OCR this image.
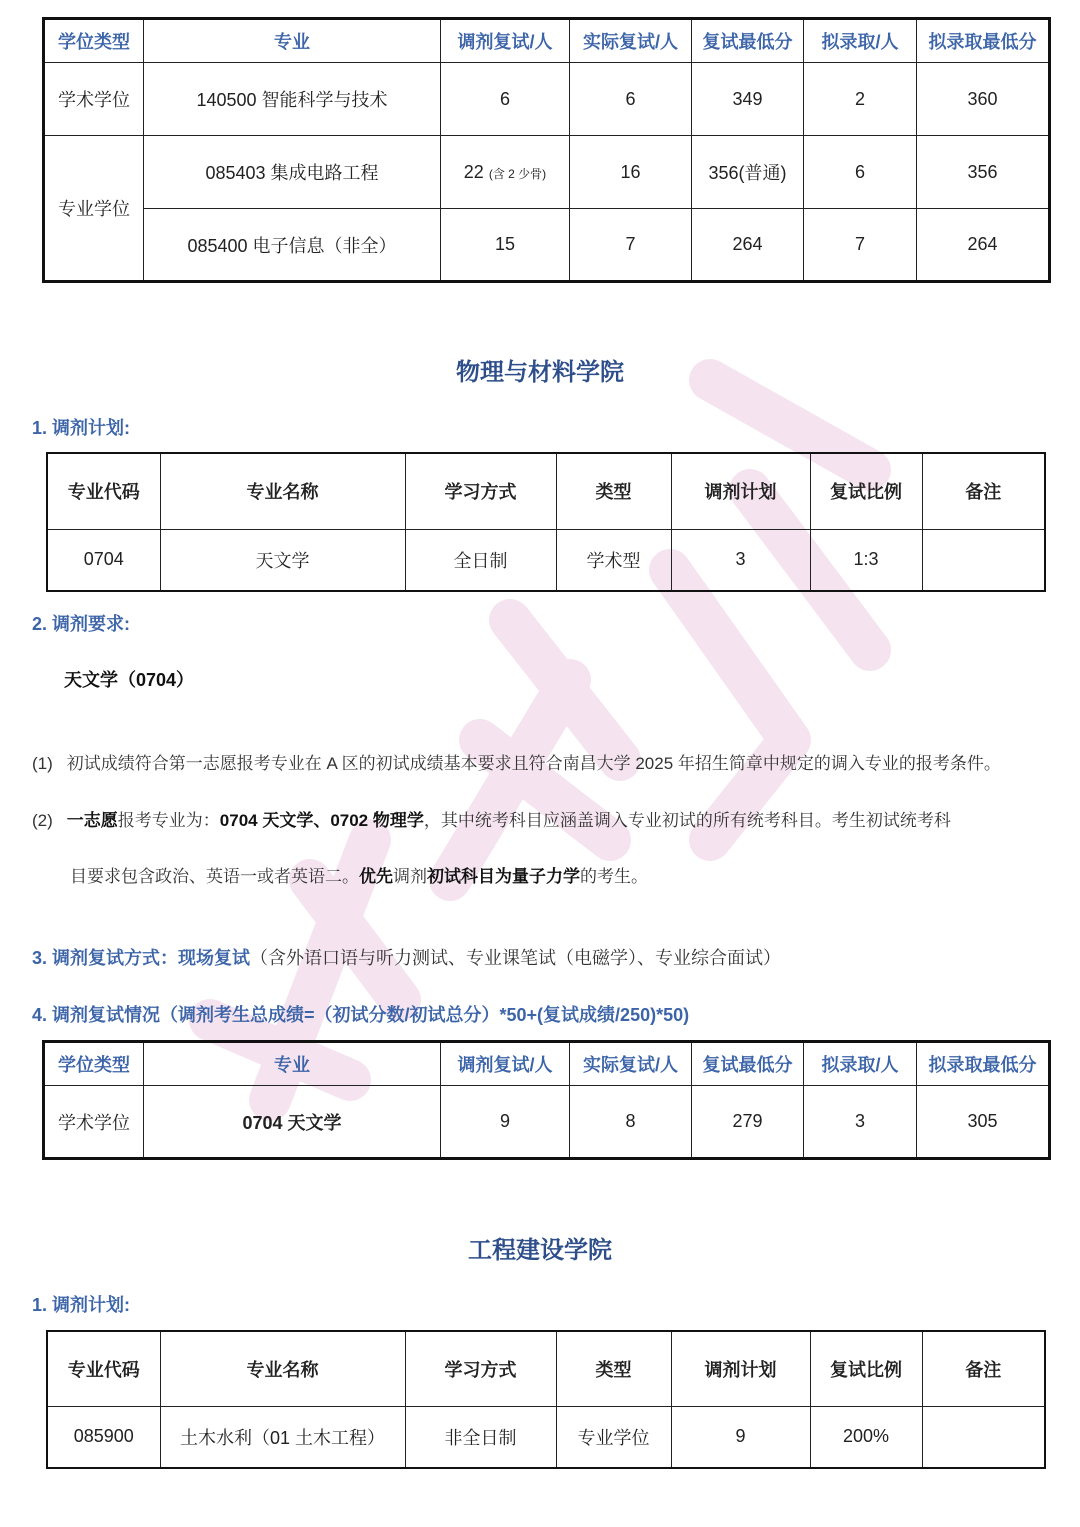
学位类型	专业	调剂复试/人	实际复试/人	复试最低分	拟录取/人	拟录取最低分
学术学位	140500 智能科学与技术	6	6	349	2	360
专业学位	085403 集成电路工程	22 (含 2 少骨)	16	356(普通)	6	356
	085400 电子信息（非全）	15	7	264	7	264
物理与材料学院
1. 调剂计划:
专业代码	专业名称	学习方式	类型	调剂计划	复试比例	备注
0704	天文学	全日制	学术型	3	1:3	
2. 调剂要求:
天文学（0704）
(1) 初试成绩符合第一志愿报考专业在 A 区的初试成绩基本要求且符合南昌大学 2025 年招生简章中规定的调入专业的报考条件。
(2) 一志愿报考专业为：0704 天文学、0702 物理学，其中统考科目应涵盖调入专业初试的所有统考科目。考生初试统考科
目要求包含政治、英语一或者英语二。优先调剂初试科目为量子力学的考生。
3. 调剂复试方式：现场复试（含外语口语与听力测试、专业课笔试（电磁学）、专业综合面试）
4. 调剂复试情况（调剂考生总成绩=（初试分数/初试总分）*50+(复试成绩/250)*50)
学位类型	专业	调剂复试/人	实际复试/人	复试最低分	拟录取/人	拟录取最低分
学术学位	0704 天文学	9	8	279	3	305
工程建设学院
1. 调剂计划:
专业代码	专业名称	学习方式	类型	调剂计划	复试比例	备注
085900	土木水利（01 土木工程）	非全日制	专业学位	9	200%	
